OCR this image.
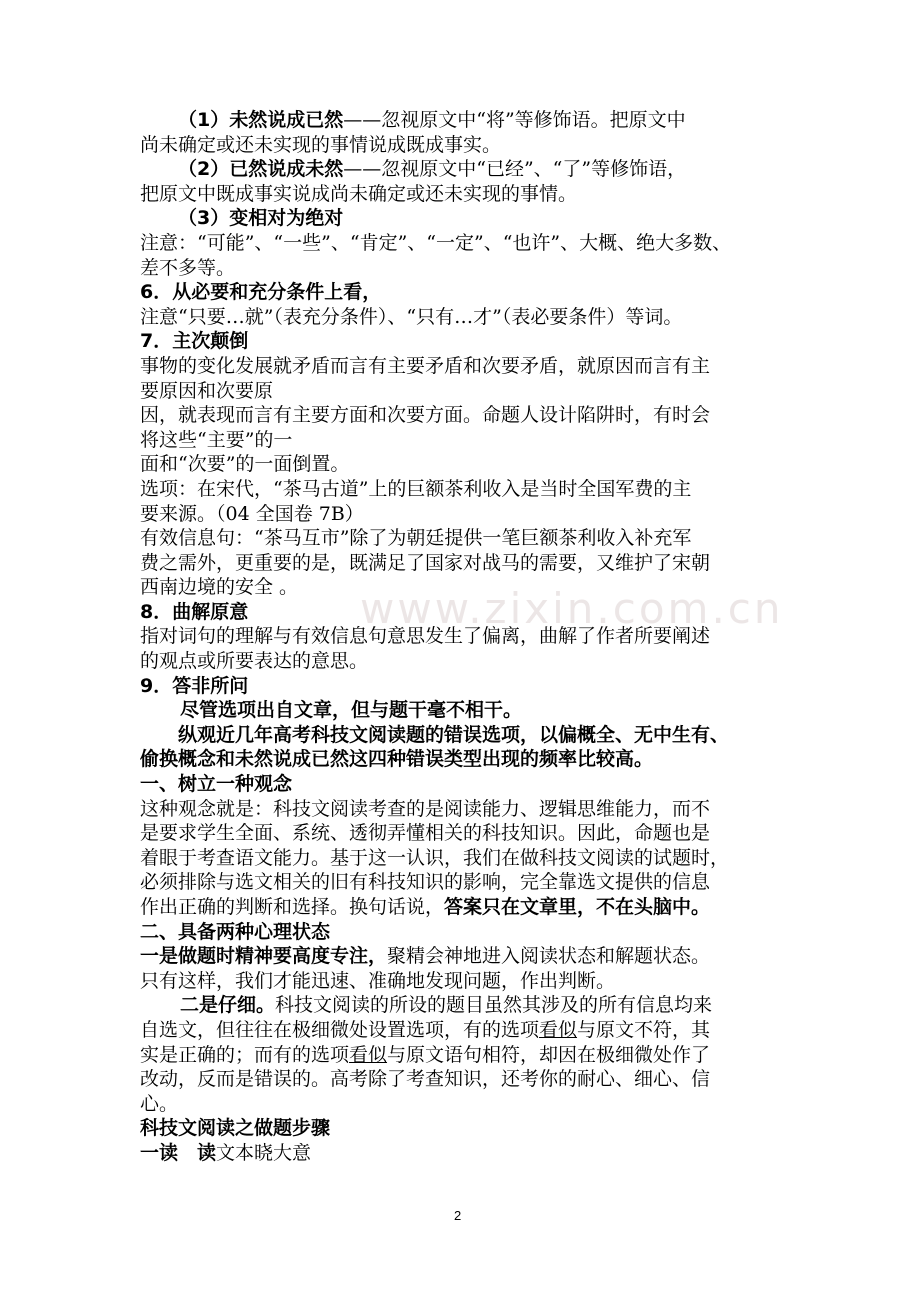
www.zixin.com.cn
（1）未然说成已然——忽视原文中“将”等修饰语。把原文中
尚未确定或还未实现的事情说成既成事实。
（2）已然说成未然——忽视原文中“已经”、“了”等修饰语，
把原文中既成事实说成尚未确定或还未实现的事情。
（3）变相对为绝对
注意：“可能”、“一些”、“肯定”、“一定”、“也许”、大概、绝大多数、
差不多等。
6．从必要和充分条件上看，
注意“只要…就”（表充分条件）、“只有…才”（表必要条件）等词。
7．主次颠倒
事物的变化发展就矛盾而言有主要矛盾和次要矛盾，就原因而言有主
要原因和次要原
因，就表现而言有主要方面和次要方面。命题人设计陷阱时，有时会
将这些“主要”的一
面和“次要”的一面倒置。
选项：在宋代，“茶马古道”上的巨额茶利收入是当时全国军费的主
要来源。（04 全国卷 7B）
有效信息句：“茶马互市”除了为朝廷提供一笔巨额茶利收入补充军
费之需外，更重要的是，既满足了国家对战马的需要，又维护了宋朝
西南边境的安全 。
8．曲解原意
指对词句的理解与有效信息句意思发生了偏离，曲解了作者所要阐述
的观点或所要表达的意思。
9．答非所问
尽管选项出自文章，但与题干毫不相干。
纵观近几年高考科技文阅读题的错误选项，以偏概全、无中生有、
偷换概念和未然说成已然这四种错误类型出现的频率比较高。
一、树立一种观念
这种观念就是：科技文阅读考查的是阅读能力、逻辑思维能力，而不
是要求学生全面、系统、透彻弄懂相关的科技知识。因此，命题也是
着眼于考查语文能力。基于这一认识，我们在做科技文阅读的试题时，
必须排除与选文相关的旧有科技知识的影响，完全靠选文提供的信息
作出正确的判断和选择。换句话说，答案只在文章里，不在头脑中。
二、具备两种心理状态
一是做题时精神要高度专注，聚精会神地进入阅读状态和解题状态。
只有这样，我们才能迅速、准确地发现问题，作出判断。
二是仔细。科技文阅读的所设的题目虽然其涉及的所有信息均来
自选文，但往往在极细微处设置选项，有的选项看似与原文不符，其
实是正确的；而有的选项看似与原文语句相符，却因在极细微处作了
改动，反而是错误的。高考除了考查知识，还考你的耐心、细心、信
心。
科技文阅读之做题步骤
一读　读文本晓大意
2
